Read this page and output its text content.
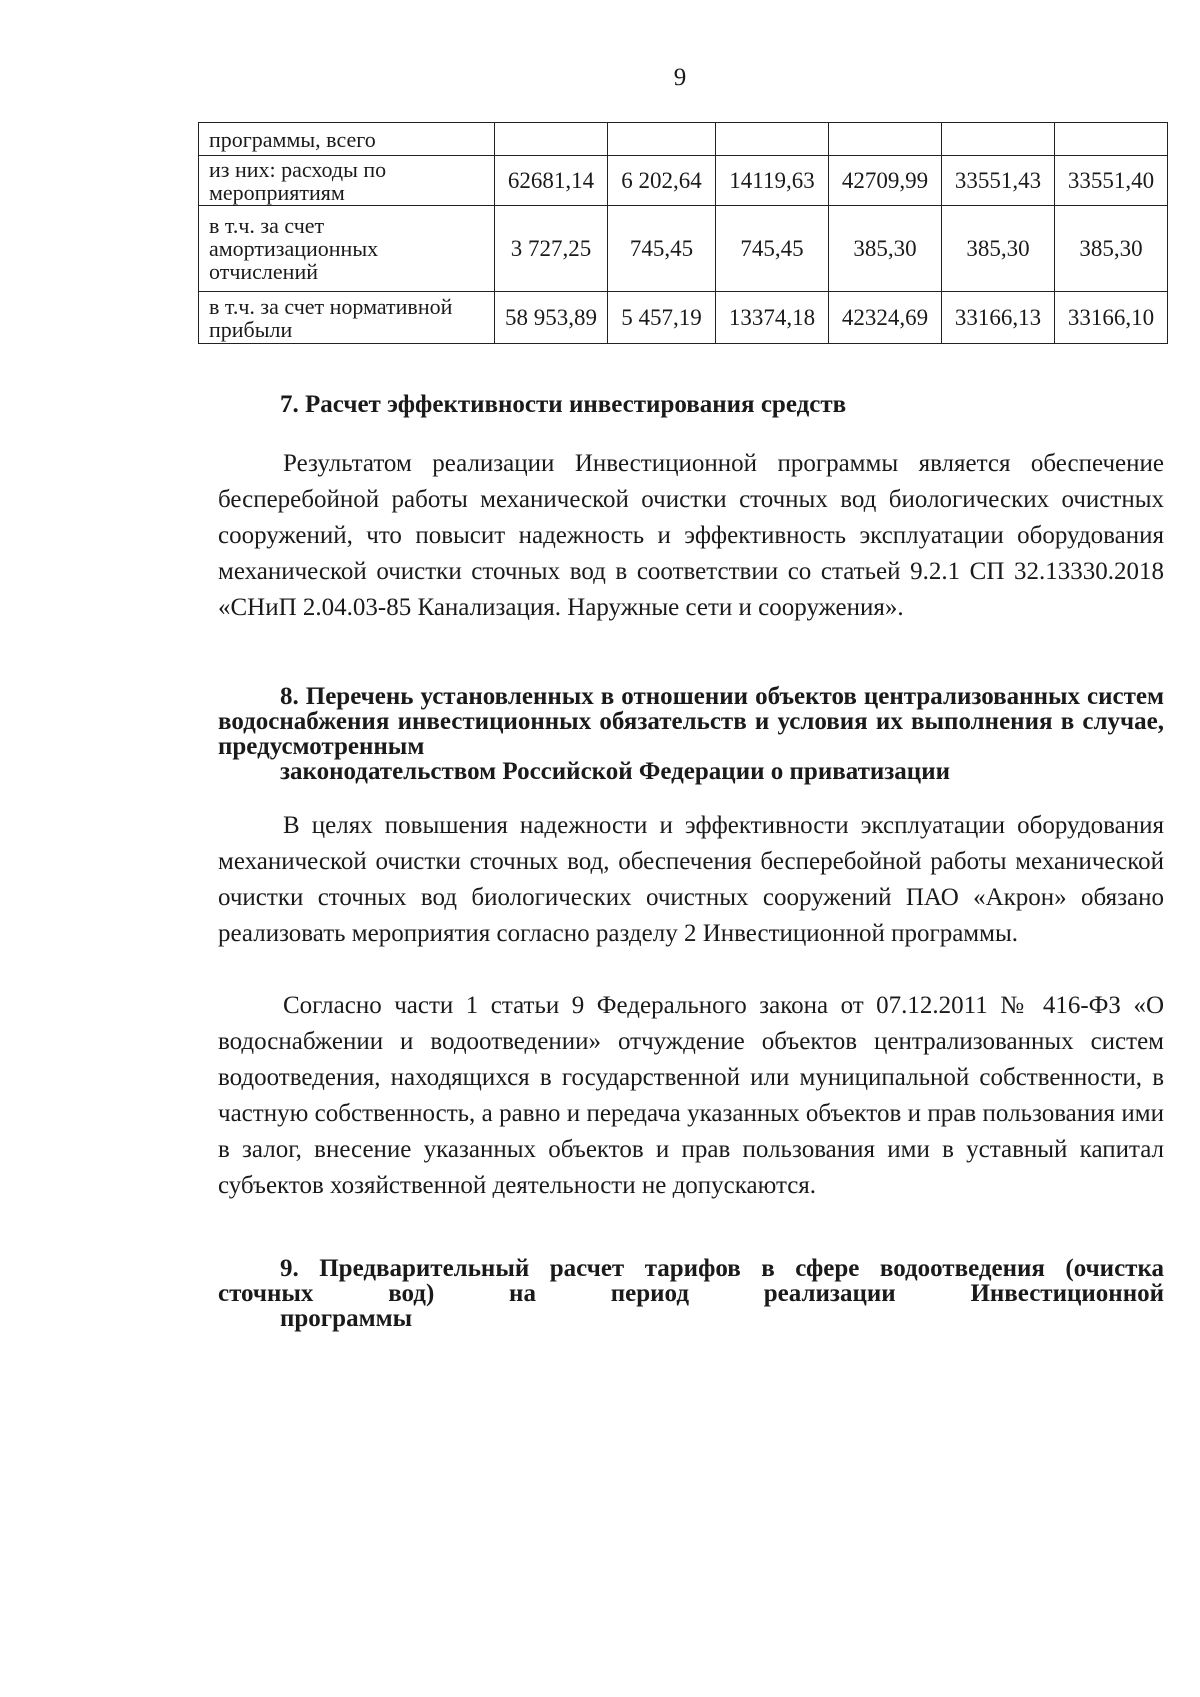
9
программы, всего						
из них: расходы по мероприятиям	62681,14	6 202,64	14119,63	42709,99	33551,43	33551,40
в т.ч. за счет амортизационных отчислений	3 727,25	745,45	745,45	385,30	385,30	385,30
в т.ч. за счет нормативной прибыли	58 953,89	5 457,19	13374,18	42324,69	33166,13	33166,10
7. Расчет эффективности инвестирования средств
Результатом реализации Инвестиционной программы является обеспечение бесперебойной работы механической очистки сточных вод биологических очистных сооружений, что повысит надежность и эффективность эксплуатации оборудования механической очистки сточных вод в соответствии со статьей 9.2.1 СП 32.13330.2018 «СНиП 2.04.03-85 Канализация. Наружные сети и сооружения».
8. Перечень установленных в отношении объектов централизованных систем водоснабжения инвестиционных обязательств и условия их выполнения в случае, предусмотренным
законодательством Российской Федерации о приватизации
В целях повышения надежности и эффективности эксплуатации оборудования механической очистки сточных вод, обеспечения бесперебойной работы механической очистки сточных вод биологических очистных сооружений ПАО «Акрон» обязано реализовать мероприятия согласно разделу 2 Инвестиционной программы.
Согласно части 1 статьи 9 Федерального закона от 07.12.2011 № 416-ФЗ «О водоснабжении и водоотведении» отчуждение объектов централизованных систем водоотведения, находящихся в государственной или муниципальной собственности, в частную собственность, а равно и передача указанных объектов и прав пользования ими в залог, внесение указанных объектов и прав пользования ими в уставный капитал субъектов хозяйственной деятельности не допускаются.
9. Предварительный расчет тарифов в сфере водоотведения (очистка сточных вод) на период реализации Инвестиционной
программы
